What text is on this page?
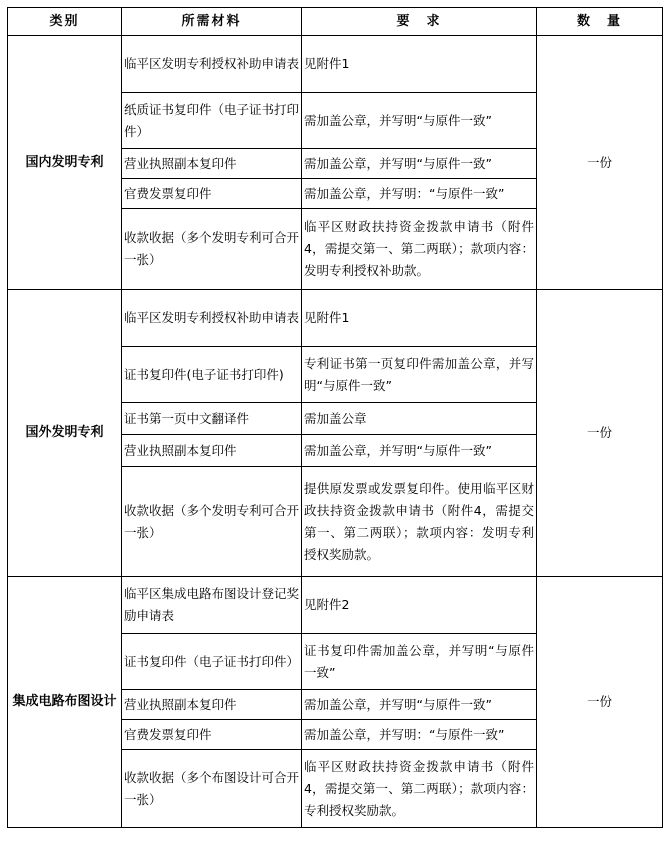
类别	所需材料	要　求	数　量
国内发明专利	临平区发明专利授权补助申请表	见附件1	一份
	纸质证书复印件（电子证书打印件）	需加盖公章，并写明“与原件一致”	
	营业执照副本复印件	需加盖公章，并写明“与原件一致”	
	官费发票复印件	需加盖公章，并写明：“与原件一致”	
	收款收据（多个发明专利可合开一张）	临平区财政扶持资金拨款申请书（附件4，需提交第一、第二两联）；款项内容：发明专利授权补助款。	
国外发明专利	临平区发明专利授权补助申请表	见附件1	一份
	证书复印件(电子证书打印件)	专利证书第一页复印件需加盖公章，并写明“与原件一致”	
	证书第一页中文翻译件	需加盖公章	
	营业执照副本复印件	需加盖公章，并写明“与原件一致”	
	收款收据（多个发明专利可合开一张）	提供原发票或发票复印件。使用临平区财政扶持资金拨款申请书（附件4，需提交第一、第二两联）；款项内容：发明专利授权奖励款。	
集成电路布图设计	临平区集成电路布图设计登记奖励申请表	见附件2	一份
	证书复印件（电子证书打印件）	证书复印件需加盖公章，并写明“与原件一致”	
	营业执照副本复印件	需加盖公章，并写明“与原件一致”	
	官费发票复印件	需加盖公章，并写明：“与原件一致”	
	收款收据（多个布图设计可合开一张）	临平区财政扶持资金拨款申请书（附件4，需提交第一、第二两联）；款项内容：专利授权奖励款。	
